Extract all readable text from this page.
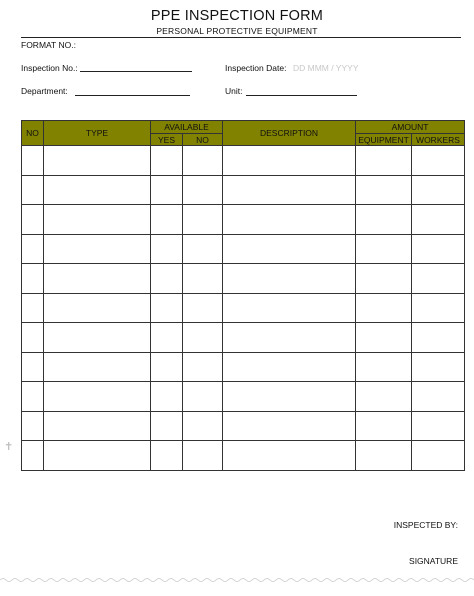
PPE INSPECTION FORM
PERSONAL PROTECTIVE EQUIPMENT
FORMAT NO.:
Inspection No.:	Inspection Date: DD MMM / YYYY
Department:	Unit:
NO	TYPE	AVAILABLE		DESCRIPTION	AMOUNT	
		YES	NO		EQUIPMENT	WORKERS

✝
INSPECTED BY:
SIGNATURE
